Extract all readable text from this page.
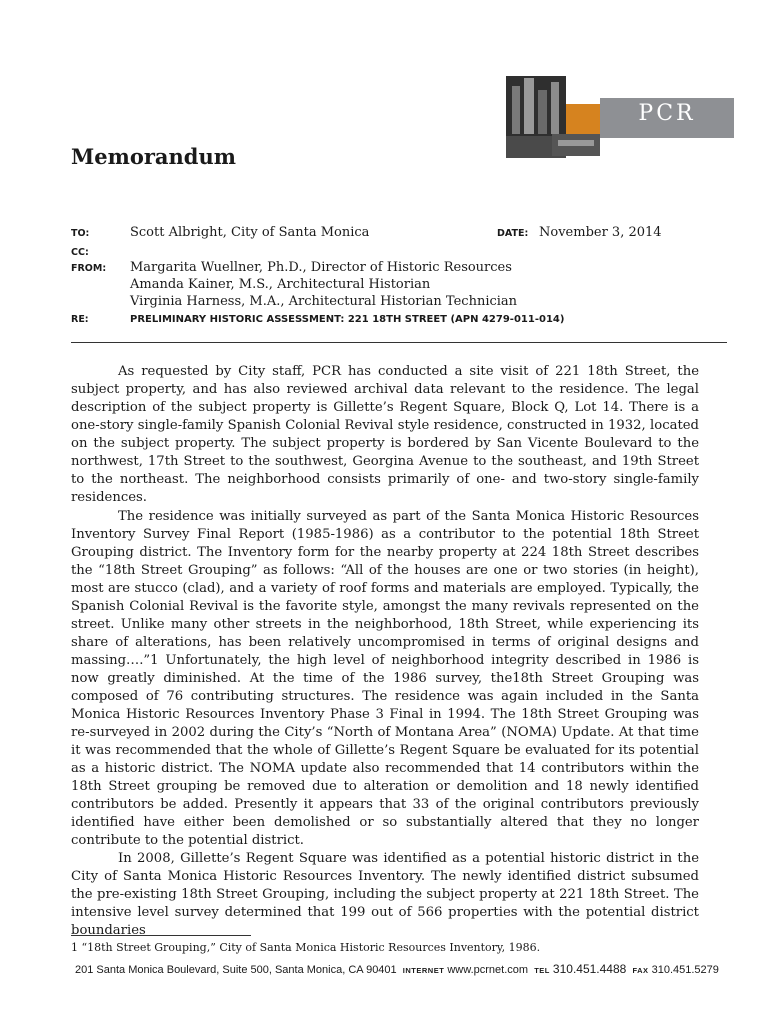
PCR
Memorandum
TO:	Scott Albright, City of Santa Monica	DATE: November 3, 2014
CC:
FROM:	Margarita Wuellner, Ph.D., Director of Historic Resources
Amanda Kainer, M.S., Architectural Historian
Virginia Harness, M.A., Architectural Historian Technician
RE:	PRELIMINARY HISTORIC ASSESSMENT: 221 18TH STREET (APN 4279-011-014)

As requested by City staff, PCR has conducted a site visit of 221 18th Street, the subject property, and has also reviewed archival data relevant to the residence. The legal description of the subject property is Gillette’s Regent Square, Block Q, Lot 14. There is a one-story single-family Spanish Colonial Revival style residence, constructed in 1932, located on the subject property. The subject property is bordered by San Vicente Boulevard to the northwest, 17th Street to the southwest, Georgina Avenue to the southeast, and 19th Street to the northeast. The neighborhood consists primarily of one- and two-story single-family residences.

The residence was initially surveyed as part of the Santa Monica Historic Resources Inventory Survey Final Report (1985-1986) as a contributor to the potential 18th Street Grouping district. The Inventory form for the nearby property at 224 18th Street describes the “18th Street Grouping” as follows: “All of the houses are one or two stories (in height), most are stucco (clad), and a variety of roof forms and materials are employed. Typically, the Spanish Colonial Revival is the favorite style, amongst the many revivals represented on the street. Unlike many other streets in the neighborhood, 18th Street, while experiencing its share of alterations, has been relatively uncompromised in terms of original designs and massing….”1 Unfortunately, the high level of neighborhood integrity described in 1986 is now greatly diminished. At the time of the 1986 survey, the18th Street Grouping was composed of 76 contributing structures. The residence was again included in the Santa Monica Historic Resources Inventory Phase 3 Final in 1994. The 18th Street Grouping was re-surveyed in 2002 during the City’s “North of Montana Area” (NOMA) Update. At that time it was recommended that the whole of Gillette’s Regent Square be evaluated for its potential as a historic district. The NOMA update also recommended that 14 contributors within the 18th Street grouping be removed due to alteration or demolition and 18 newly identified contributors be added. Presently it appears that 33 of the original contributors previously identified have either been demolished or so substantially altered that they no longer contribute to the potential district.

In 2008, Gillette’s Regent Square was identified as a potential historic district in the City of Santa Monica Historic Resources Inventory. The newly identified district subsumed the pre-existing 18th Street Grouping, including the subject property at 221 18th Street. The intensive level survey determined that 199 out of 566 properties with the potential district boundaries

1 “18th Street Grouping,” City of Santa Monica Historic Resources Inventory, 1986.
201 Santa Monica Boulevard, Suite 500, Santa Monica, CA 90401 INTERNET www.pcrnet.com TEL 310.451.4488 FAX 310.451.5279
